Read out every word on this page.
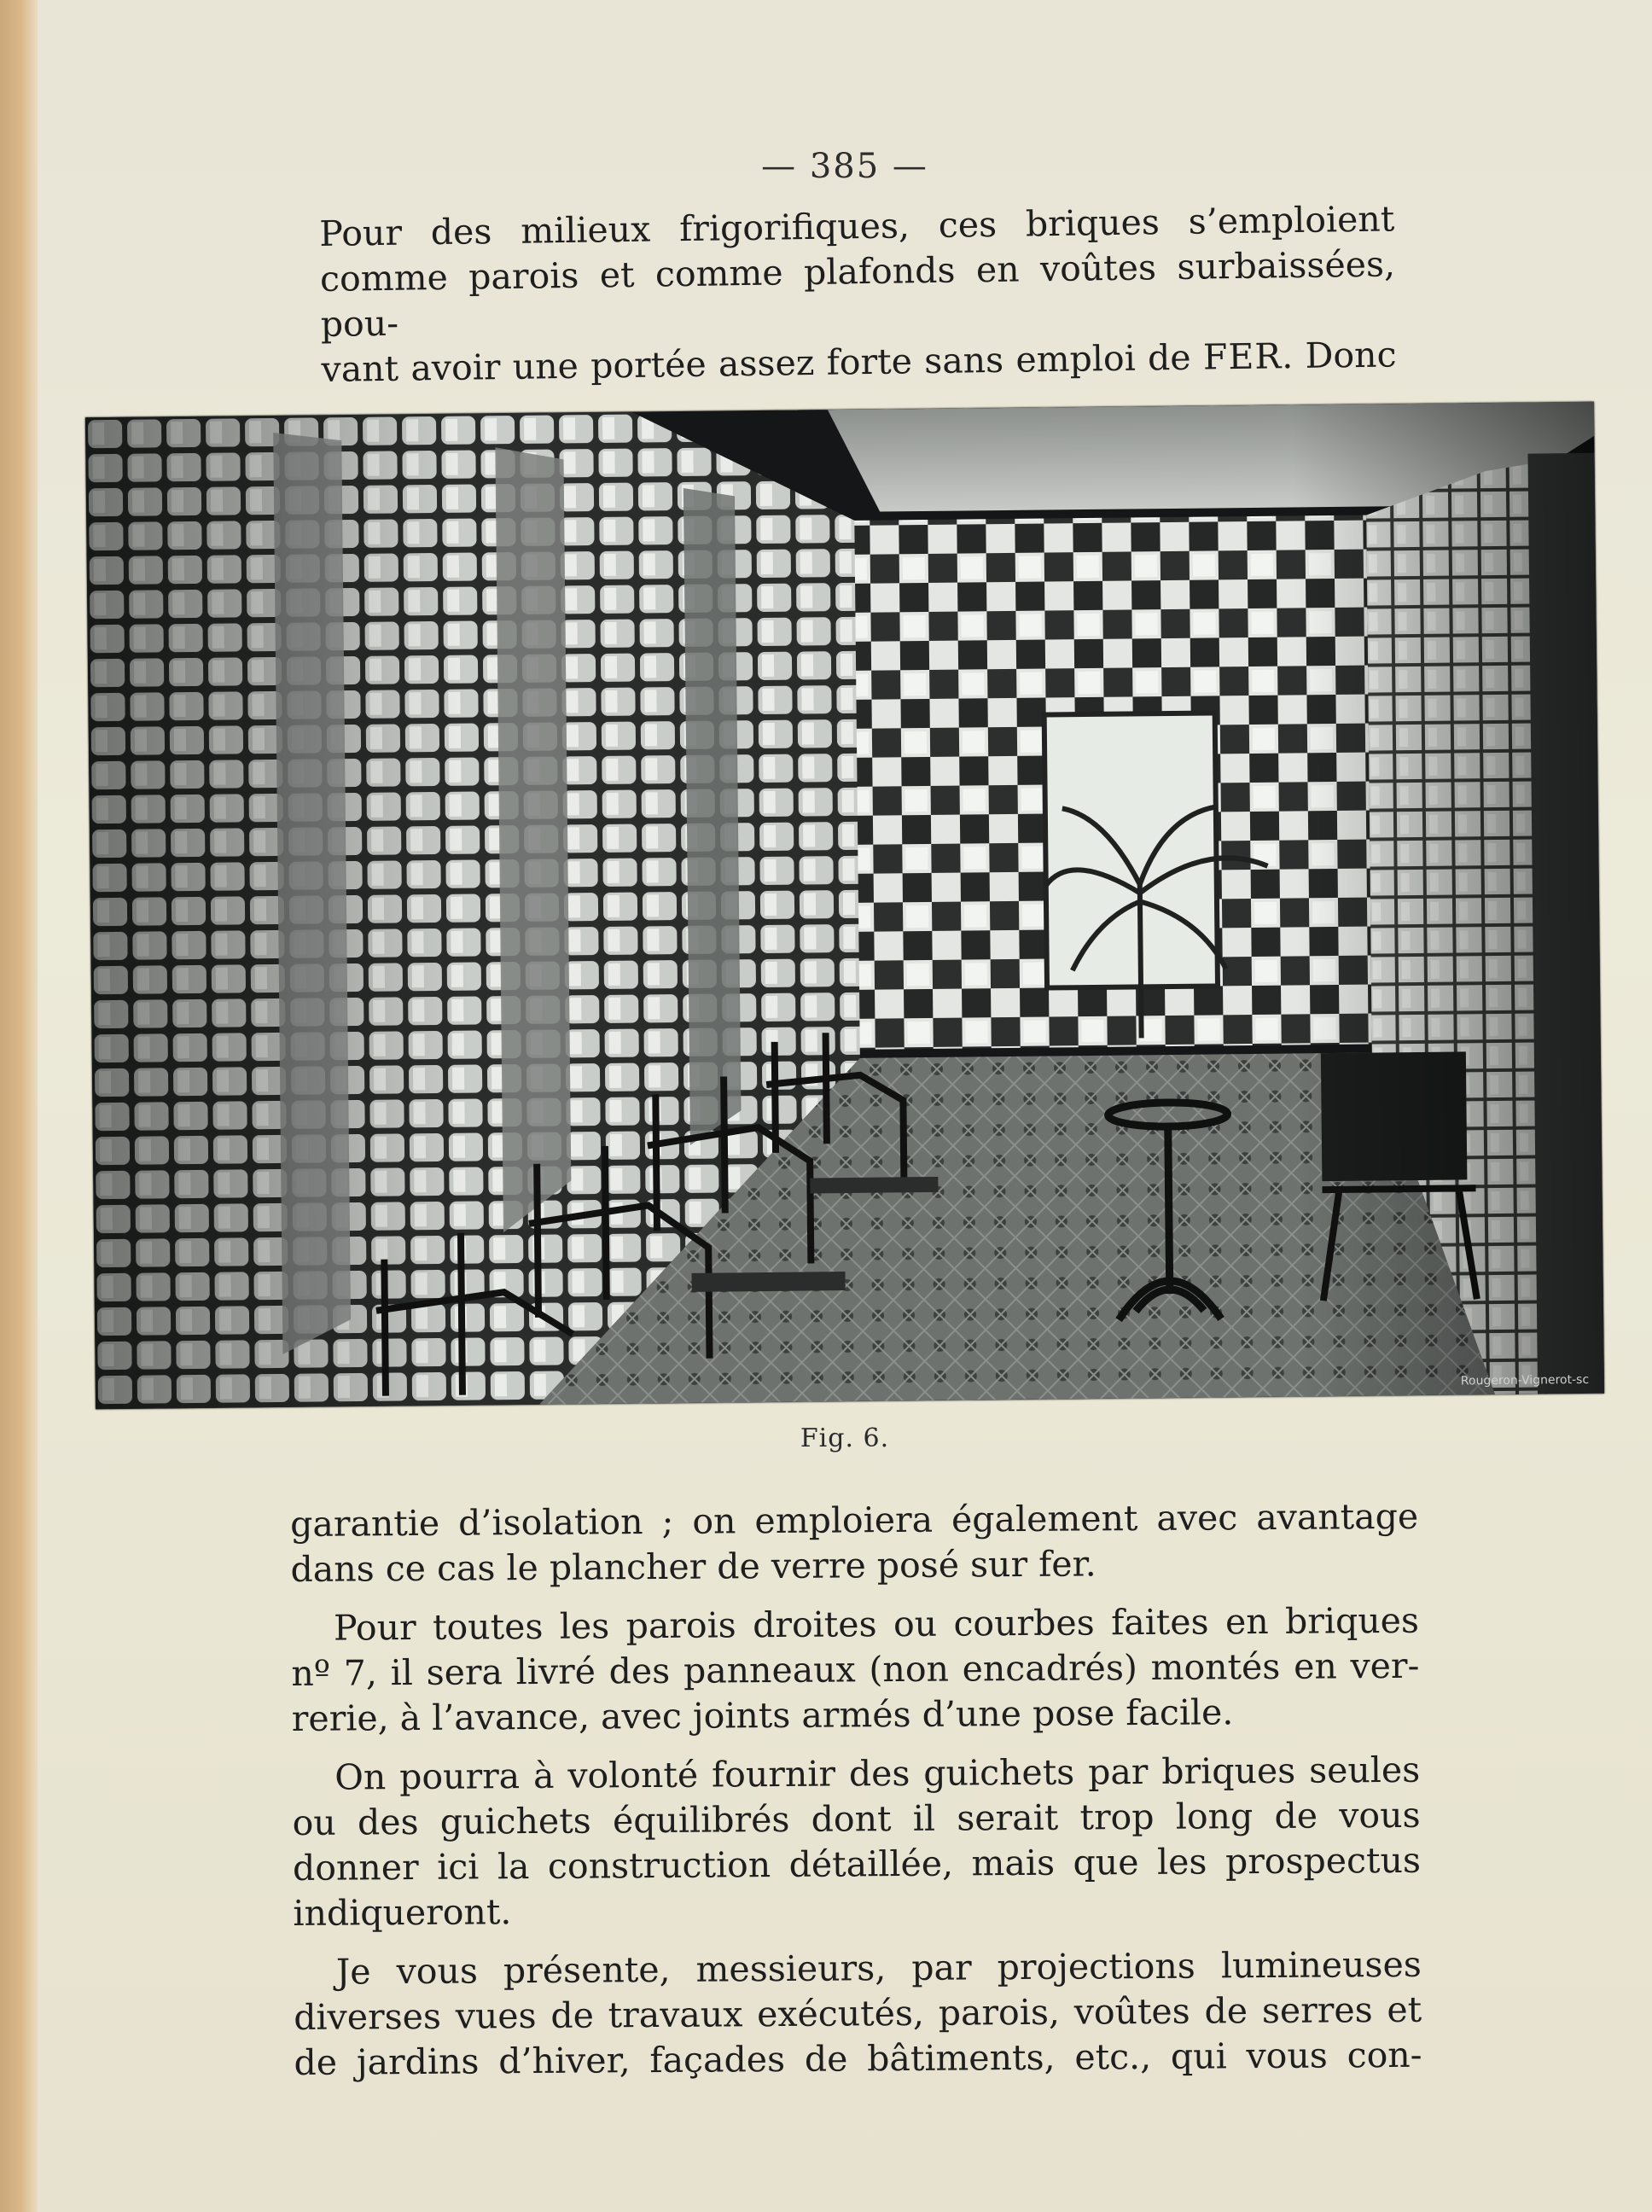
— 385 —
Pour des milieux frigorifiques, ces briques s’emploient
comme parois et comme plafonds en voûtes surbaissées, pou-
vant avoir une portée assez forte sans emploi de FER. Donc
Rougeron-Vignerot-sc
Fig. 6.
garantie d’isolation ; on emploiera également avec avantage
dans ce cas le plancher de verre posé sur fer.
Pour toutes les parois droites ou courbes faites en briques
nº 7, il sera livré des panneaux (non encadrés) montés en ver-
rerie, à l’avance, avec joints armés d’une pose facile.
On pourra à volonté fournir des guichets par briques seules
ou des guichets équilibrés dont il serait trop long de vous
donner ici la construction détaillée, mais que les prospectus
indiqueront.
Je vous présente, messieurs, par projections lumineuses
diverses vues de travaux exécutés, parois, voûtes de serres et
de jardins d’hiver, façades de bâtiments, etc., qui vous con-
